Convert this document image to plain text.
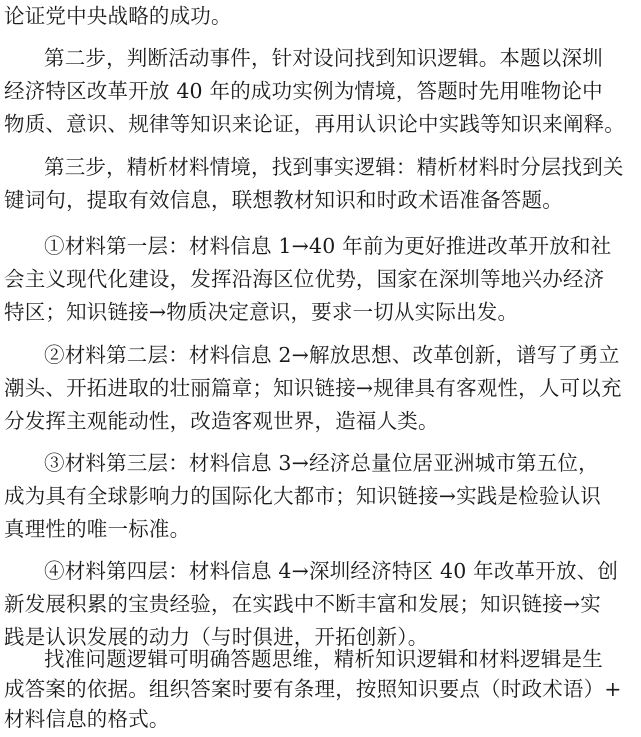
论证党中央战略的成功。
第二步，判断活动事件，针对设问找到知识逻辑。本题以深圳
经济特区改革开放 40 年的成功实例为情境，答题时先用唯物论中
物质、意识、规律等知识来论证，再用认识论中实践等知识来阐释。
第三步，精析材料情境，找到事实逻辑：精析材料时分层找到关
键词句，提取有效信息，联想教材知识和时政术语准备答题。
①材料第一层：材料信息 1→40 年前为更好推进改革开放和社
会主义现代化建设，发挥沿海区位优势，国家在深圳等地兴办经济
特区；知识链接→物质决定意识，要求一切从实际出发。
②材料第二层：材料信息 2→解放思想、改革创新，谱写了勇立
潮头、开拓进取的壮丽篇章；知识链接→规律具有客观性，人可以充
分发挥主观能动性，改造客观世界，造福人类。
③材料第三层：材料信息 3→经济总量位居亚洲城市第五位，
成为具有全球影响力的国际化大都市；知识链接→实践是检验认识
真理性的唯一标准。
④材料第四层：材料信息 4→深圳经济特区 40 年改革开放、创
新发展积累的宝贵经验，在实践中不断丰富和发展；知识链接→实
践是认识发展的动力（与时俱进，开拓创新）。
找准问题逻辑可明确答题思维，精析知识逻辑和材料逻辑是生
成答案的依据。组织答案时要有条理，按照知识要点（时政术语）+
材料信息的格式。
